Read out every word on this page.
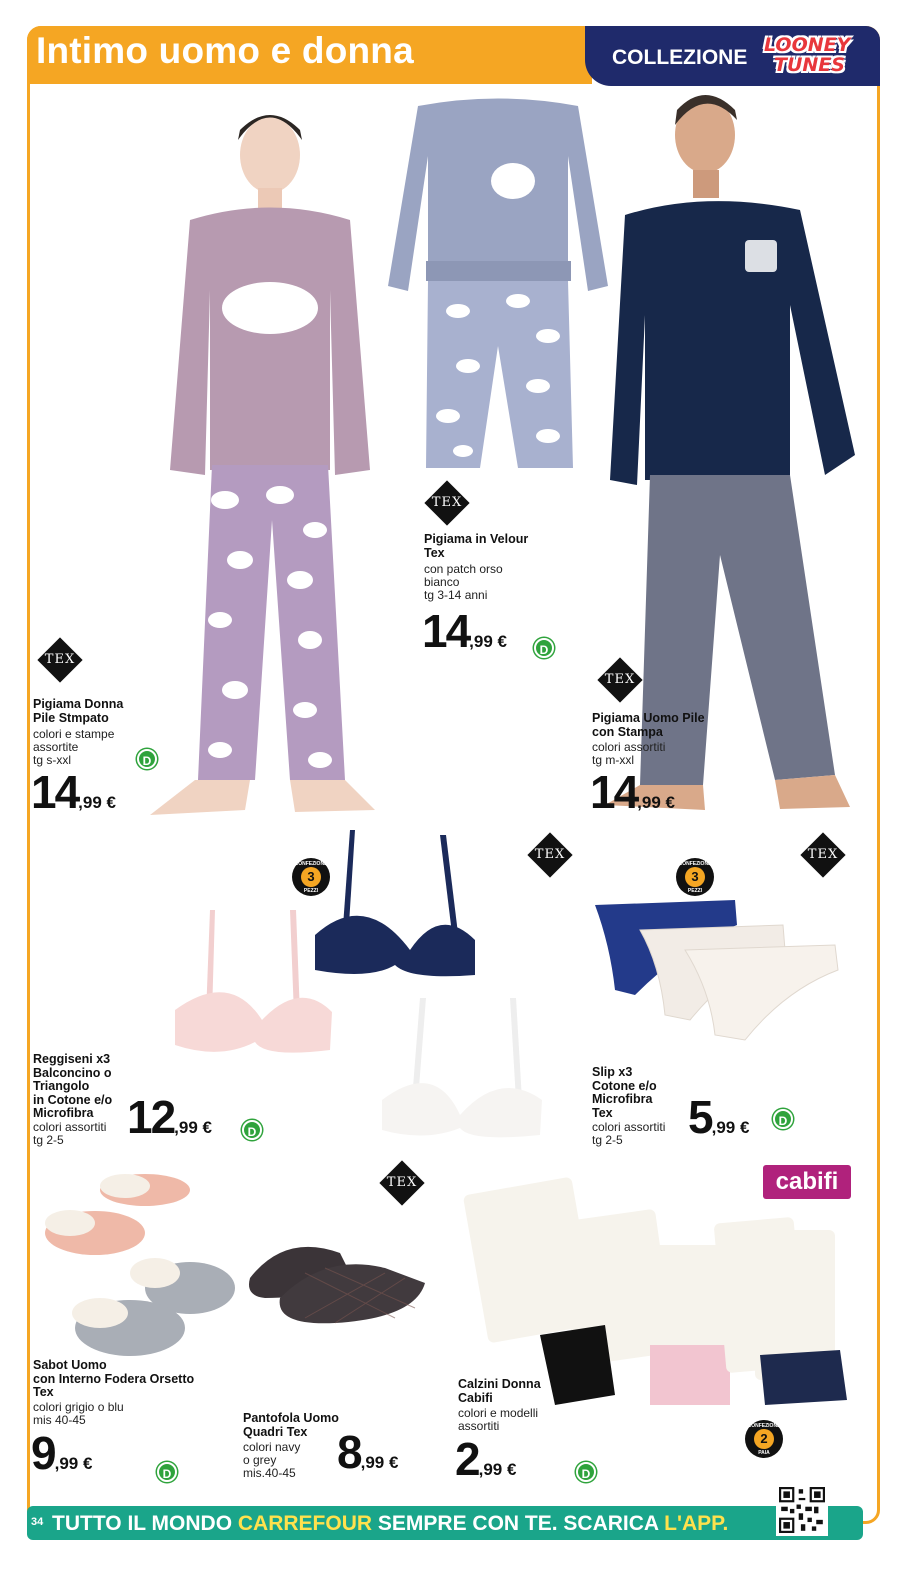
Intimo uomo e donna	COLLEZIONE
LOONEY
TUNES
TEX
TEX
TEX
TEX	TEX
TEX
CONFEZIONE
3
PEZZI
CONFEZIONE
3
PEZZI
CONFEZIONE
2
PAIA
cabifi
Pigiama Donna
Pile Stmpato
colori e stampe
assortite
tg s-xxl	D
14,99 €
Pigiama in Velour
Tex
con patch orso
bianco
tg 3-14 anni
14,99 €	D
Pigiama Uomo Pile
con Stampa
colori assortiti
tg m-xxl
14,99 €
Reggiseni x3
Balconcino o
Triangolo
in Cotone e/o
Microfibra
colori assortiti
tg 2-5	12,99 €	D
Slip x3
Cotone e/o
Microfibra
Tex
colori assortiti
tg 2-5	5,99 €	D
Sabot Uomo
con Interno Fodera Orsetto
Tex
colori grigio o blu
mis 40-45
9,99 €
D
Pantofola Uomo
Quadri Tex
colori navy
o grey
mis.40-45 8,99 €
Calzini Donna
Cabifi
colori e modelli
assortiti
2,99 €	D
34 TUTTO IL MONDO CARREFOUR SEMPRE CON TE. SCARICA L'APP.
